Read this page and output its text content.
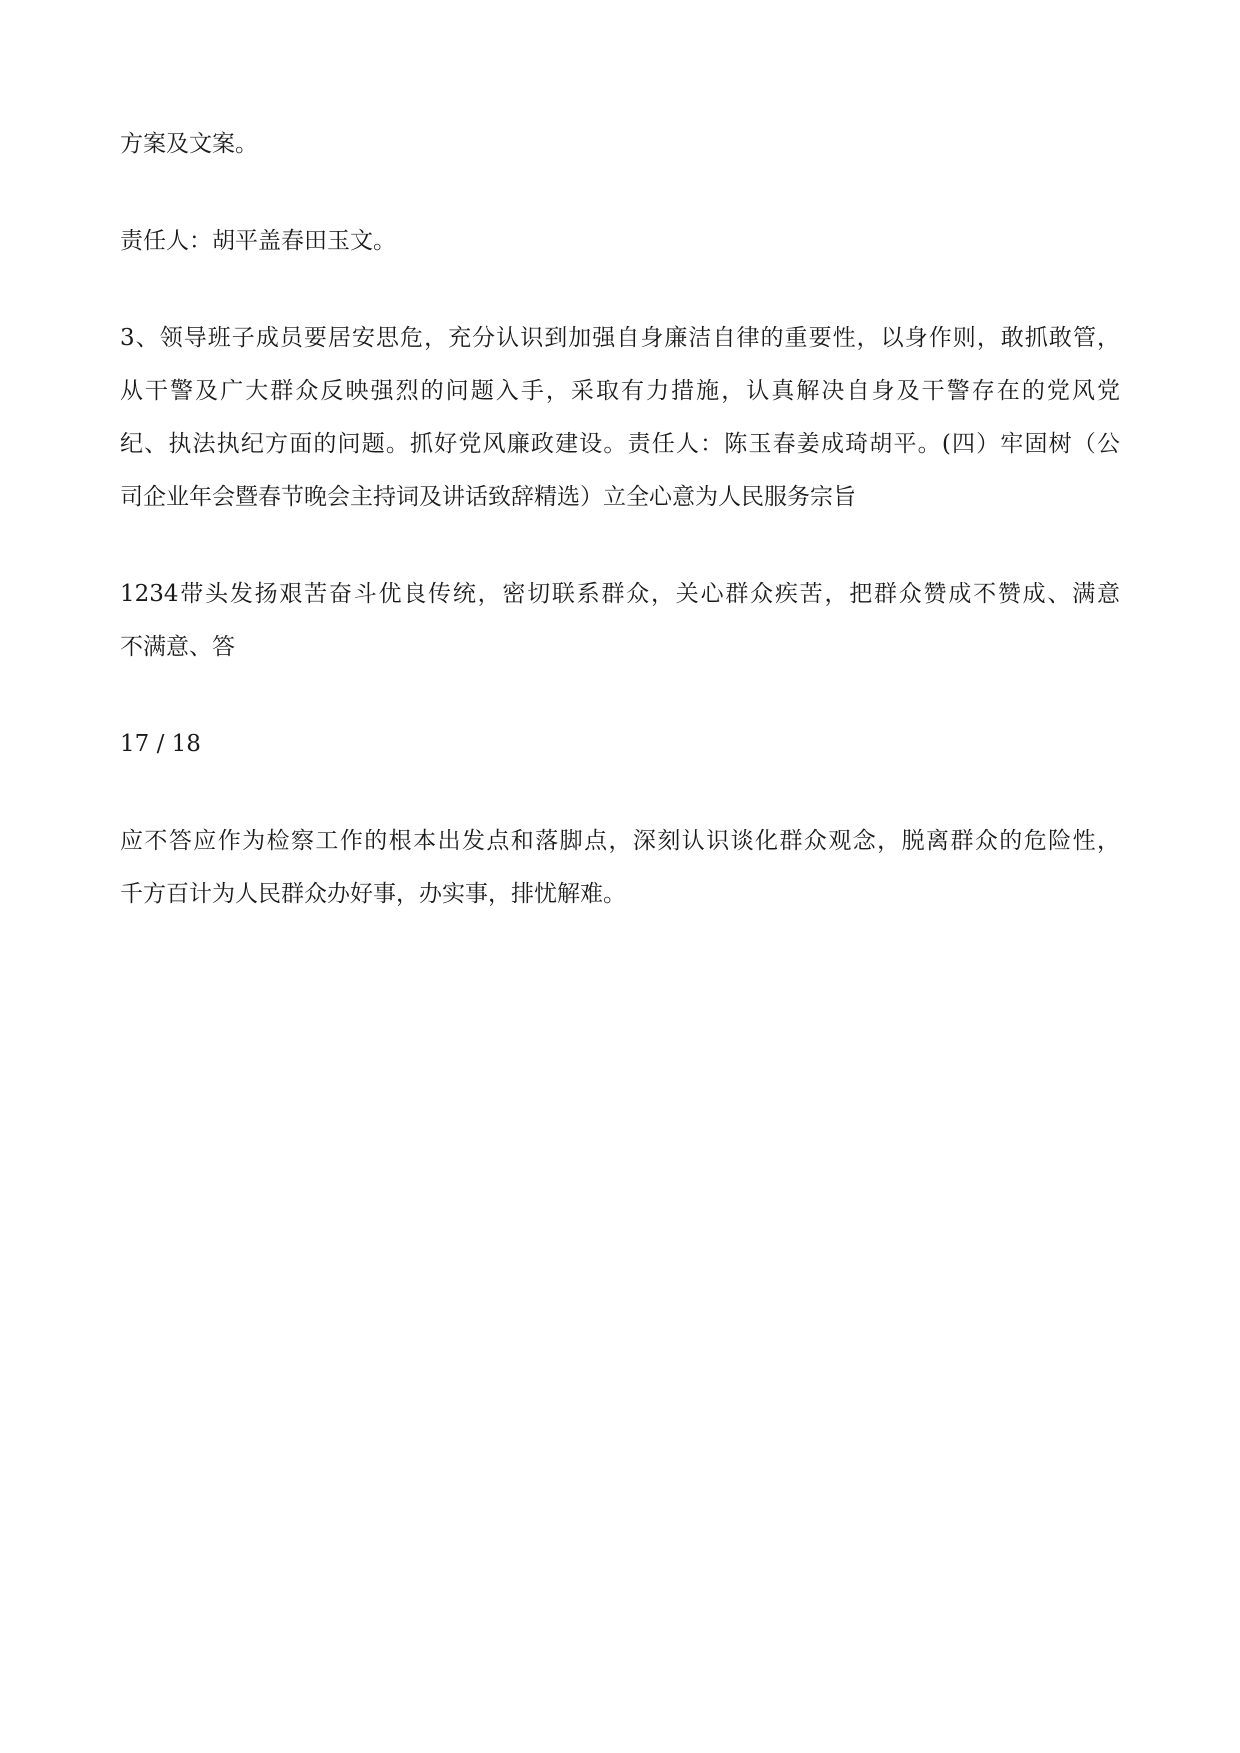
方案及文案。

责任人：胡平盖春田玉文。

3、领导班子成员要居安思危，充分认识到加强自身廉洁自律的重要性，以身作则，敢抓敢管，
从干警及广大群众反映强烈的问题入手，采取有力措施，认真解决自身及干警存在的党风党
纪、执法执纪方面的问题。抓好党风廉政建设。责任人：陈玉春姜成琦胡平。(四）牢固树（公
司企业年会暨春节晚会主持词及讲话致辞精选）立全心意为人民服务宗旨

1234带头发扬艰苦奋斗优良传统，密切联系群众，关心群众疾苦，把群众赞成不赞成、满意
不满意、答

17 / 18

应不答应作为检察工作的根本出发点和落脚点，深刻认识谈化群众观念，脱离群众的危险性，
千方百计为人民群众办好事，办实事，排忧解难。
